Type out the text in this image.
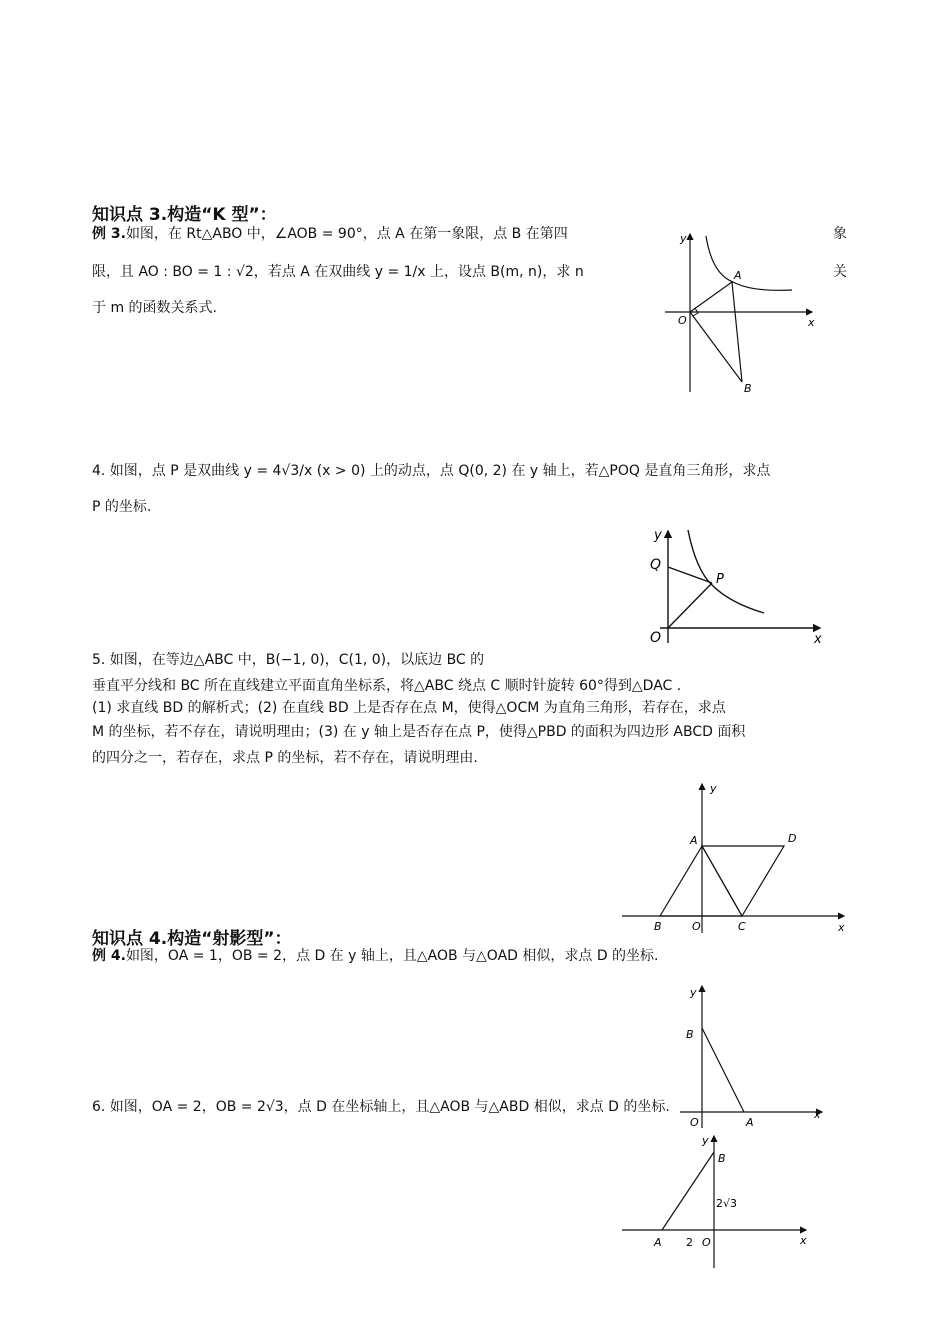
知识点 3.构造“K 型”：
例 3.如图，在 Rt△ABO 中，∠AOB = 90°，点 A 在第一象限，点 B 在第四	象
限，且 AO : BO = 1 : √2，若点 A 在双曲线 y = 1/x 上，设点 B(m, n)，求 n	关
于 m 的函数关系式.
O
A
B
x
y
4. 如图，点 P 是双曲线 y = 4√3/x (x > 0) 上的动点，点 Q(0, 2) 在 y 轴上，若△POQ 是直角三角形，求点
P 的坐标.
Q
P
O	x
y
5. 如图，在等边△ABC 中，B(−1, 0)，C(1, 0)，以底边 BC 的
垂直平分线和 BC 所在直线建立平面直角坐标系，将△ABC 绕点 C 顺时针旋转 60°得到△DAC .
(1) 求直线 BD 的解析式；(2) 在直线 BD 上是否存在点 M，使得△OCM 为直角三角形，若存在，求点
M 的坐标，若不存在，请说明理由；(3) 在 y 轴上是否存在点 P，使得△PBD 的面积为四边形 ABCD 面积
的四分之一，若存在，求点 P 的坐标，若不存在，请说明理由.
A	D
B	O	C	x
y
知识点 4.构造“射影型”：
例 4.如图，OA = 1，OB = 2，点 D 在 y 轴上，且△AOB 与△OAD 相似，求点 D 的坐标.
B
O	A
x
y
6. 如图，OA = 2，OB = 2√3，点 D 在坐标轴上，且△AOB 与△ABD 相似，求点 D 的坐标.
B
2√3
A 2 O	x
y
